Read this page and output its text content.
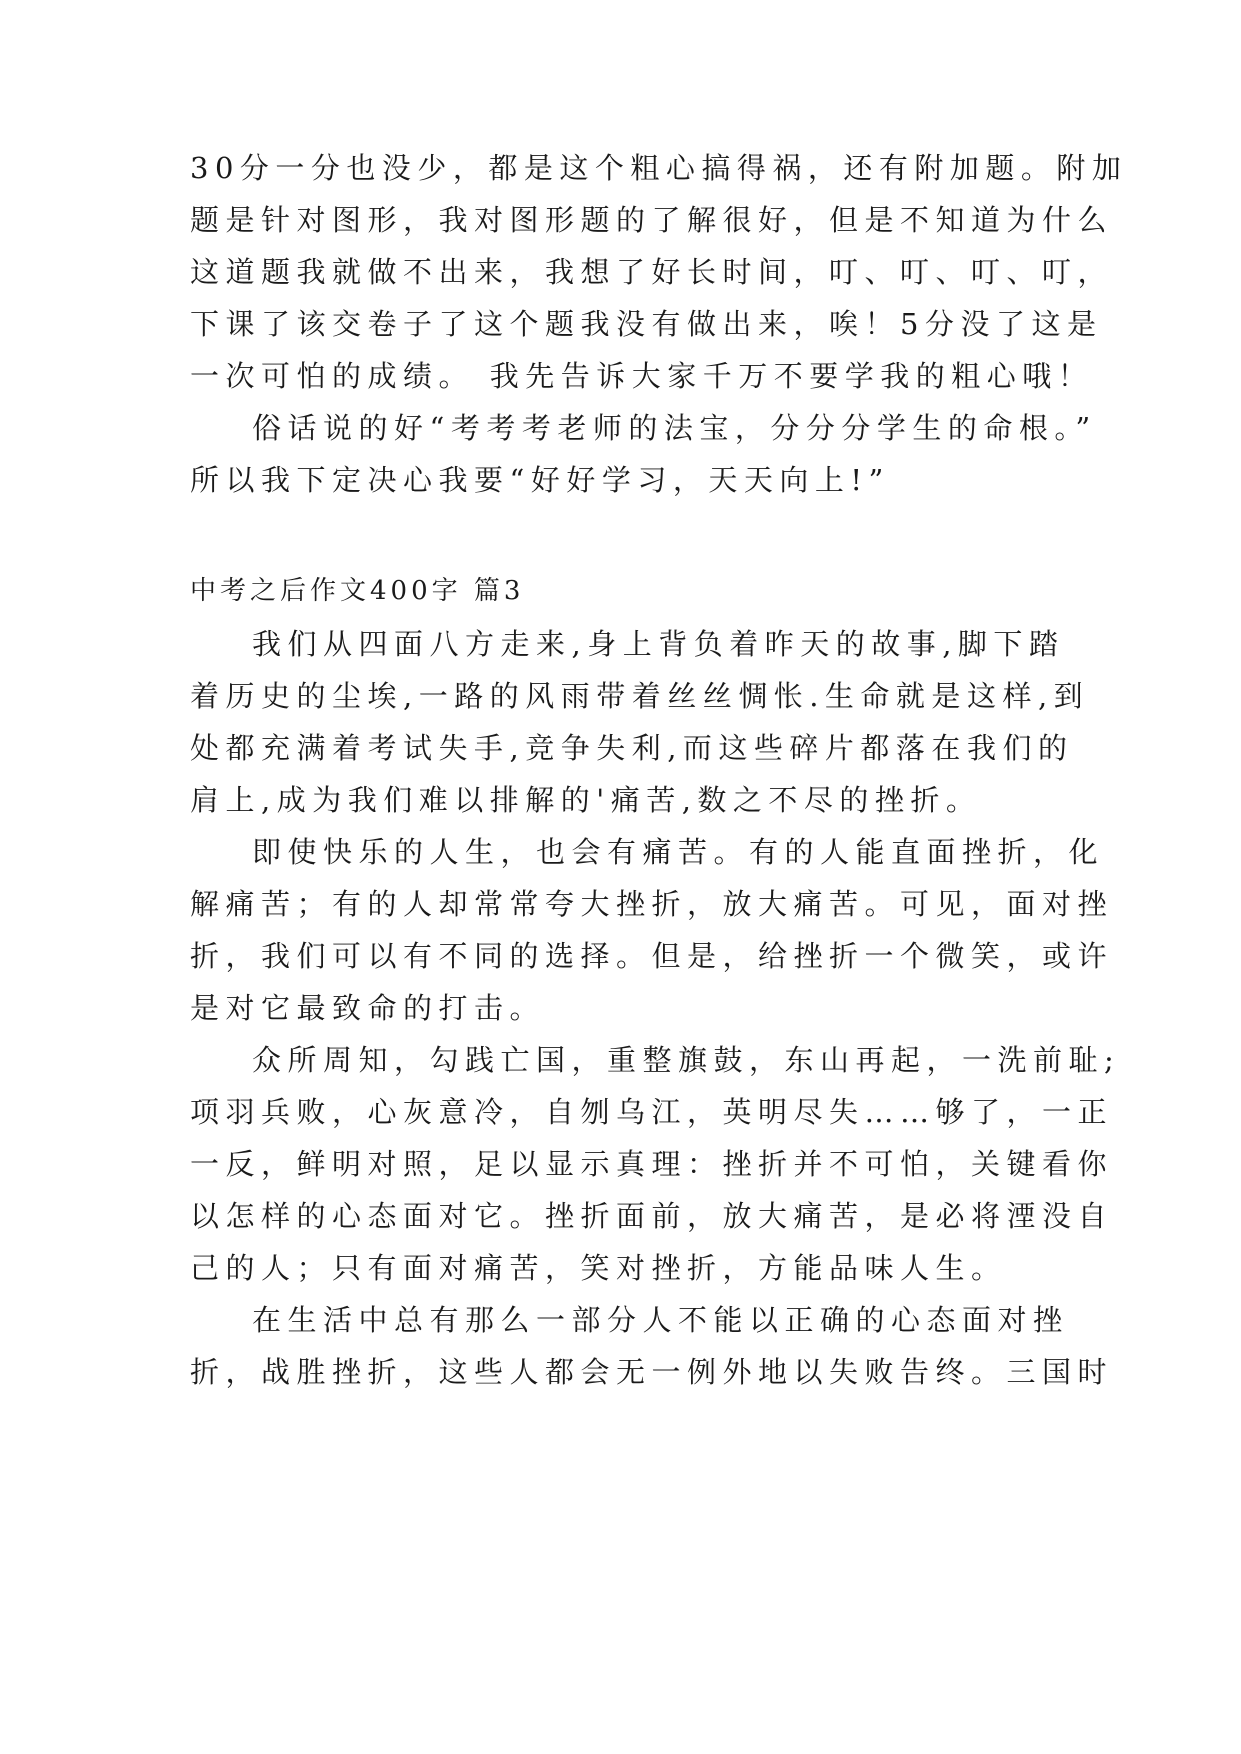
30分一分也没少，都是这个粗心搞得祸，还有附加题。附加
题是针对图形，我对图形题的了解很好，但是不知道为什么
这道题我就做不出来，我想了好长时间，叮、叮、叮、叮，
下课了该交卷子了这个题我没有做出来，唉！5分没了这是
一次可怕的成绩。 我先告诉大家千万不要学我的粗心哦！
俗话说的好“考考考老师的法宝，分分分学生的命根。”
所以我下定决心我要“好好学习，天天向上!”
中考之后作文400字 篇3
我们从四面八方走来,身上背负着昨天的故事,脚下踏
着历史的尘埃,一路的风雨带着丝丝惆怅.生命就是这样,到
处都充满着考试失手,竞争失利,而这些碎片都落在我们的
肩上,成为我们难以排解的'痛苦,数之不尽的挫折。
即使快乐的人生，也会有痛苦。有的人能直面挫折，化
解痛苦；有的人却常常夸大挫折，放大痛苦。可见，面对挫
折，我们可以有不同的选择。但是，给挫折一个微笑，或许
是对它最致命的打击。
众所周知，勾践亡国，重整旗鼓，东山再起，一洗前耻;
项羽兵败，心灰意冷，自刎乌江，英明尽失……够了，一正
一反，鲜明对照，足以显示真理：挫折并不可怕，关键看你
以怎样的心态面对它。挫折面前，放大痛苦，是必将湮没自
己的人；只有面对痛苦，笑对挫折，方能品味人生。
在生活中总有那么一部分人不能以正确的心态面对挫
折，战胜挫折，这些人都会无一例外地以失败告终。三国时
